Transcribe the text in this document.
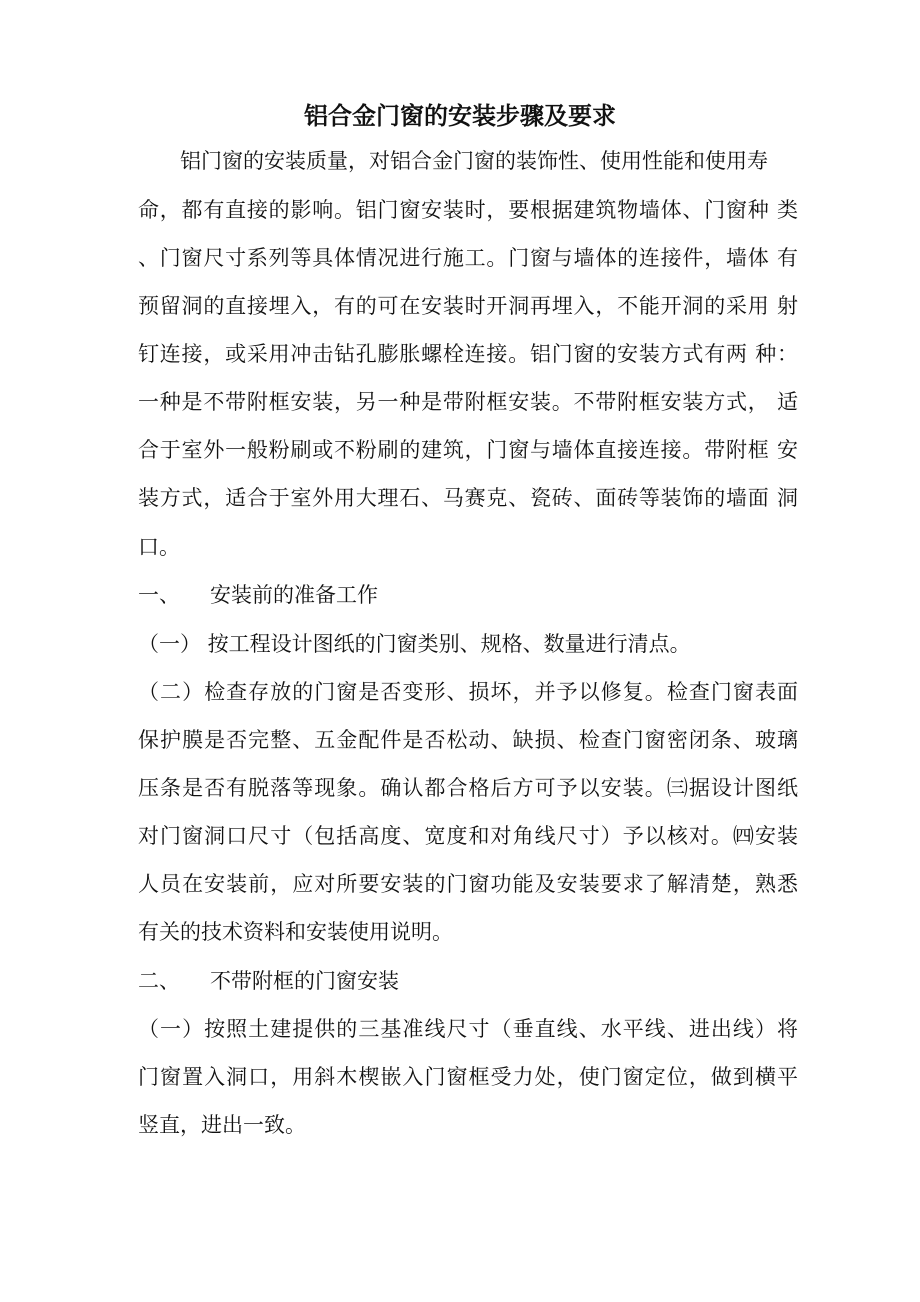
铝合金门窗的安装步骤及要求

铝门窗的安装质量，对铝合金门窗的装饰性、使用性能和使用寿

命，都有直接的影响。铝门窗安装时，要根据建筑物墙体、门窗种 类

、门窗尺寸系列等具体情况进行施工。门窗与墙体的连接件，墙体 有

预留洞的直接埋入，有的可在安装时开洞再埋入，不能开洞的采用 射

钉连接，或采用冲击钻孔膨胀螺栓连接。铝门窗的安装方式有两 种：

一种是不带附框安装，另一种是带附框安装。不带附框安装方式， 适

合于室外一般粉刷或不粉刷的建筑，门窗与墙体直接连接。带附框 安

装方式，适合于室外用大理石、马赛克、瓷砖、面砖等装饰的墙面 洞

口。

一、 安装前的准备工作

（一） 按工程设计图纸的门窗类别、规格、数量进行清点。

（二）检查存放的门窗是否变形、损坏，并予以修复。检查门窗表面

保护膜是否完整、五金配件是否松动、缺损、检查门窗密闭条、玻璃

压条是否有脱落等现象。确认都合格后方可予以安装。㈢据设计图纸

对门窗洞口尺寸（包括高度、宽度和对角线尺寸）予以核对。㈣安装

人员在安装前，应对所要安装的门窗功能及安装要求了解清楚，熟悉

有关的技术资料和安装使用说明。

二、 不带附框的门窗安装

（一）按照土建提供的三基准线尺寸（垂直线、水平线、进出线）将

门窗置入洞口，用斜木楔嵌入门窗框受力处，使门窗定位，做到横平

竖直，进出一致。
